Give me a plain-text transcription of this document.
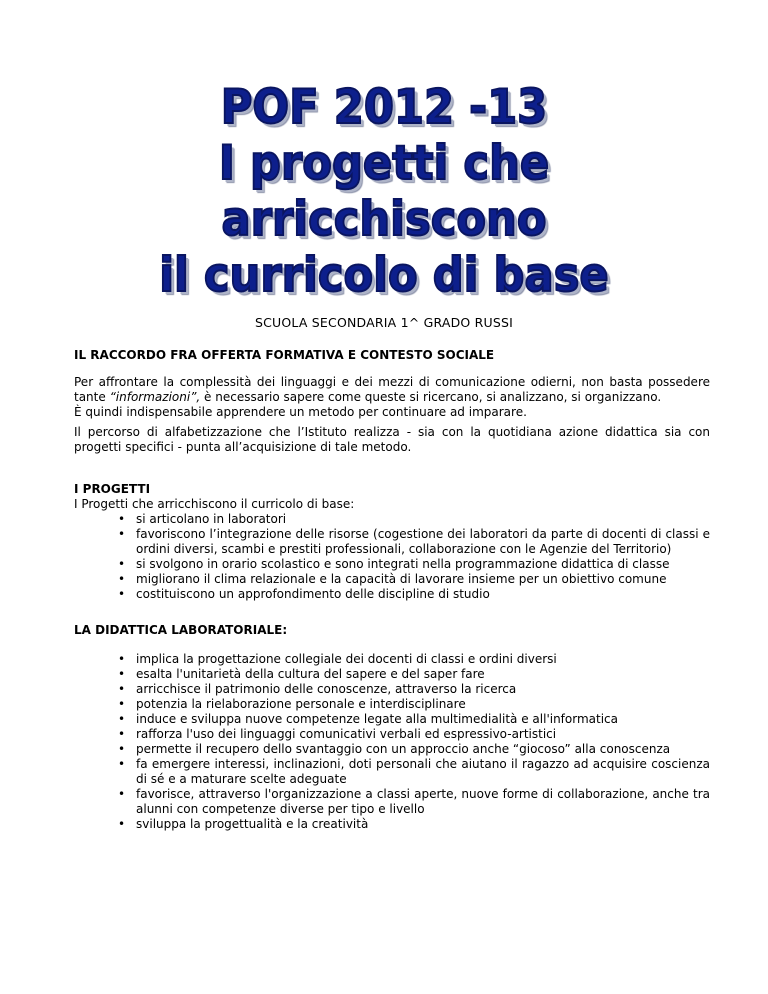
POF 2012 -13
I progetti che
arricchiscono
il curricolo di base
SCUOLA SECONDARIA 1^ GRADO RUSSI

IL RACCORDO FRA OFFERTA FORMATIVA E CONTESTO SOCIALE

Per affrontare la complessità dei linguaggi e dei mezzi di comunicazione odierni, non basta possedere tante “informazioni”, è necessario sapere come queste si ricercano, si analizzano, si organizzano.

È quindi indispensabile apprendere un metodo per continuare ad imparare.

Il percorso di alfabetizzazione che l’Istituto realizza - sia con la quotidiana azione didattica sia con progetti specifici - punta all’acquisizione di tale metodo.

I PROGETTI

I Progetti che arricchiscono il curricolo di base:

• si articolano in laboratori
• favoriscono l’integrazione delle risorse (cogestione dei laboratori da parte di docenti di classi e ordini diversi, scambi e prestiti professionali, collaborazione con le Agenzie del Territorio)
• si svolgono in orario scolastico e sono integrati nella programmazione didattica di classe
• migliorano il clima relazionale e la capacità di lavorare insieme per un obiettivo comune
• costituiscono un approfondimento delle discipline di studio

LA DIDATTICA LABORATORIALE:

• implica la progettazione collegiale dei docenti di classi e ordini diversi
• esalta l'unitarietà della cultura del sapere e del saper fare
• arricchisce il patrimonio delle conoscenze, attraverso la ricerca
• potenzia la rielaborazione personale e interdisciplinare
• induce e sviluppa nuove competenze legate alla multimedialità e all'informatica
• rafforza l'uso dei linguaggi comunicativi verbali ed espressivo-artistici
• permette il recupero dello svantaggio con un approccio anche “giocoso” alla conoscenza
• fa emergere interessi, inclinazioni, doti personali che aiutano il ragazzo ad acquisire coscienza di sé e a maturare scelte adeguate
• favorisce, attraverso l'organizzazione a classi aperte, nuove forme di collaborazione, anche tra alunni con competenze diverse per tipo e livello
• sviluppa la progettualità e la creatività
